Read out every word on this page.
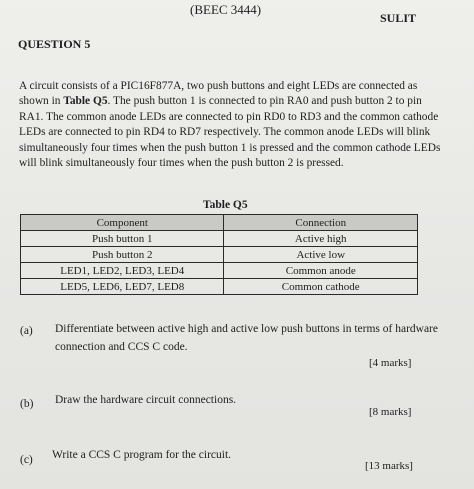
(BEEC 3444)
SULIT
QUESTION 5
A circuit consists of a PIC16F877A, two push buttons and eight LEDs are connected as
shown in Table Q5. The push button 1 is connected to pin RA0 and push button 2 to pin
RA1. The common anode LEDs are connected to pin RD0 to RD3 and the common cathode
LEDs are connected to pin RD4 to RD7 respectively. The common anode LEDs will blink
simultaneously four times when the push button 1 is pressed and the common cathode LEDs
will blink simultaneously four times when the push button 2 is pressed.
Table Q5
Component	Connection
Push button 1	Active high
Push button 2	Active low
LED1, LED2, LED3, LED4	Common anode
LED5, LED6, LED7, LED8	Common cathode
(a) Differentiate between active high and active low push buttons in terms of hardware
connection and CCS C code.
[4 marks]
(b) Draw the hardware circuit connections.
[8 marks]
(c) Write a CCS C program for the circuit.
[13 marks]
